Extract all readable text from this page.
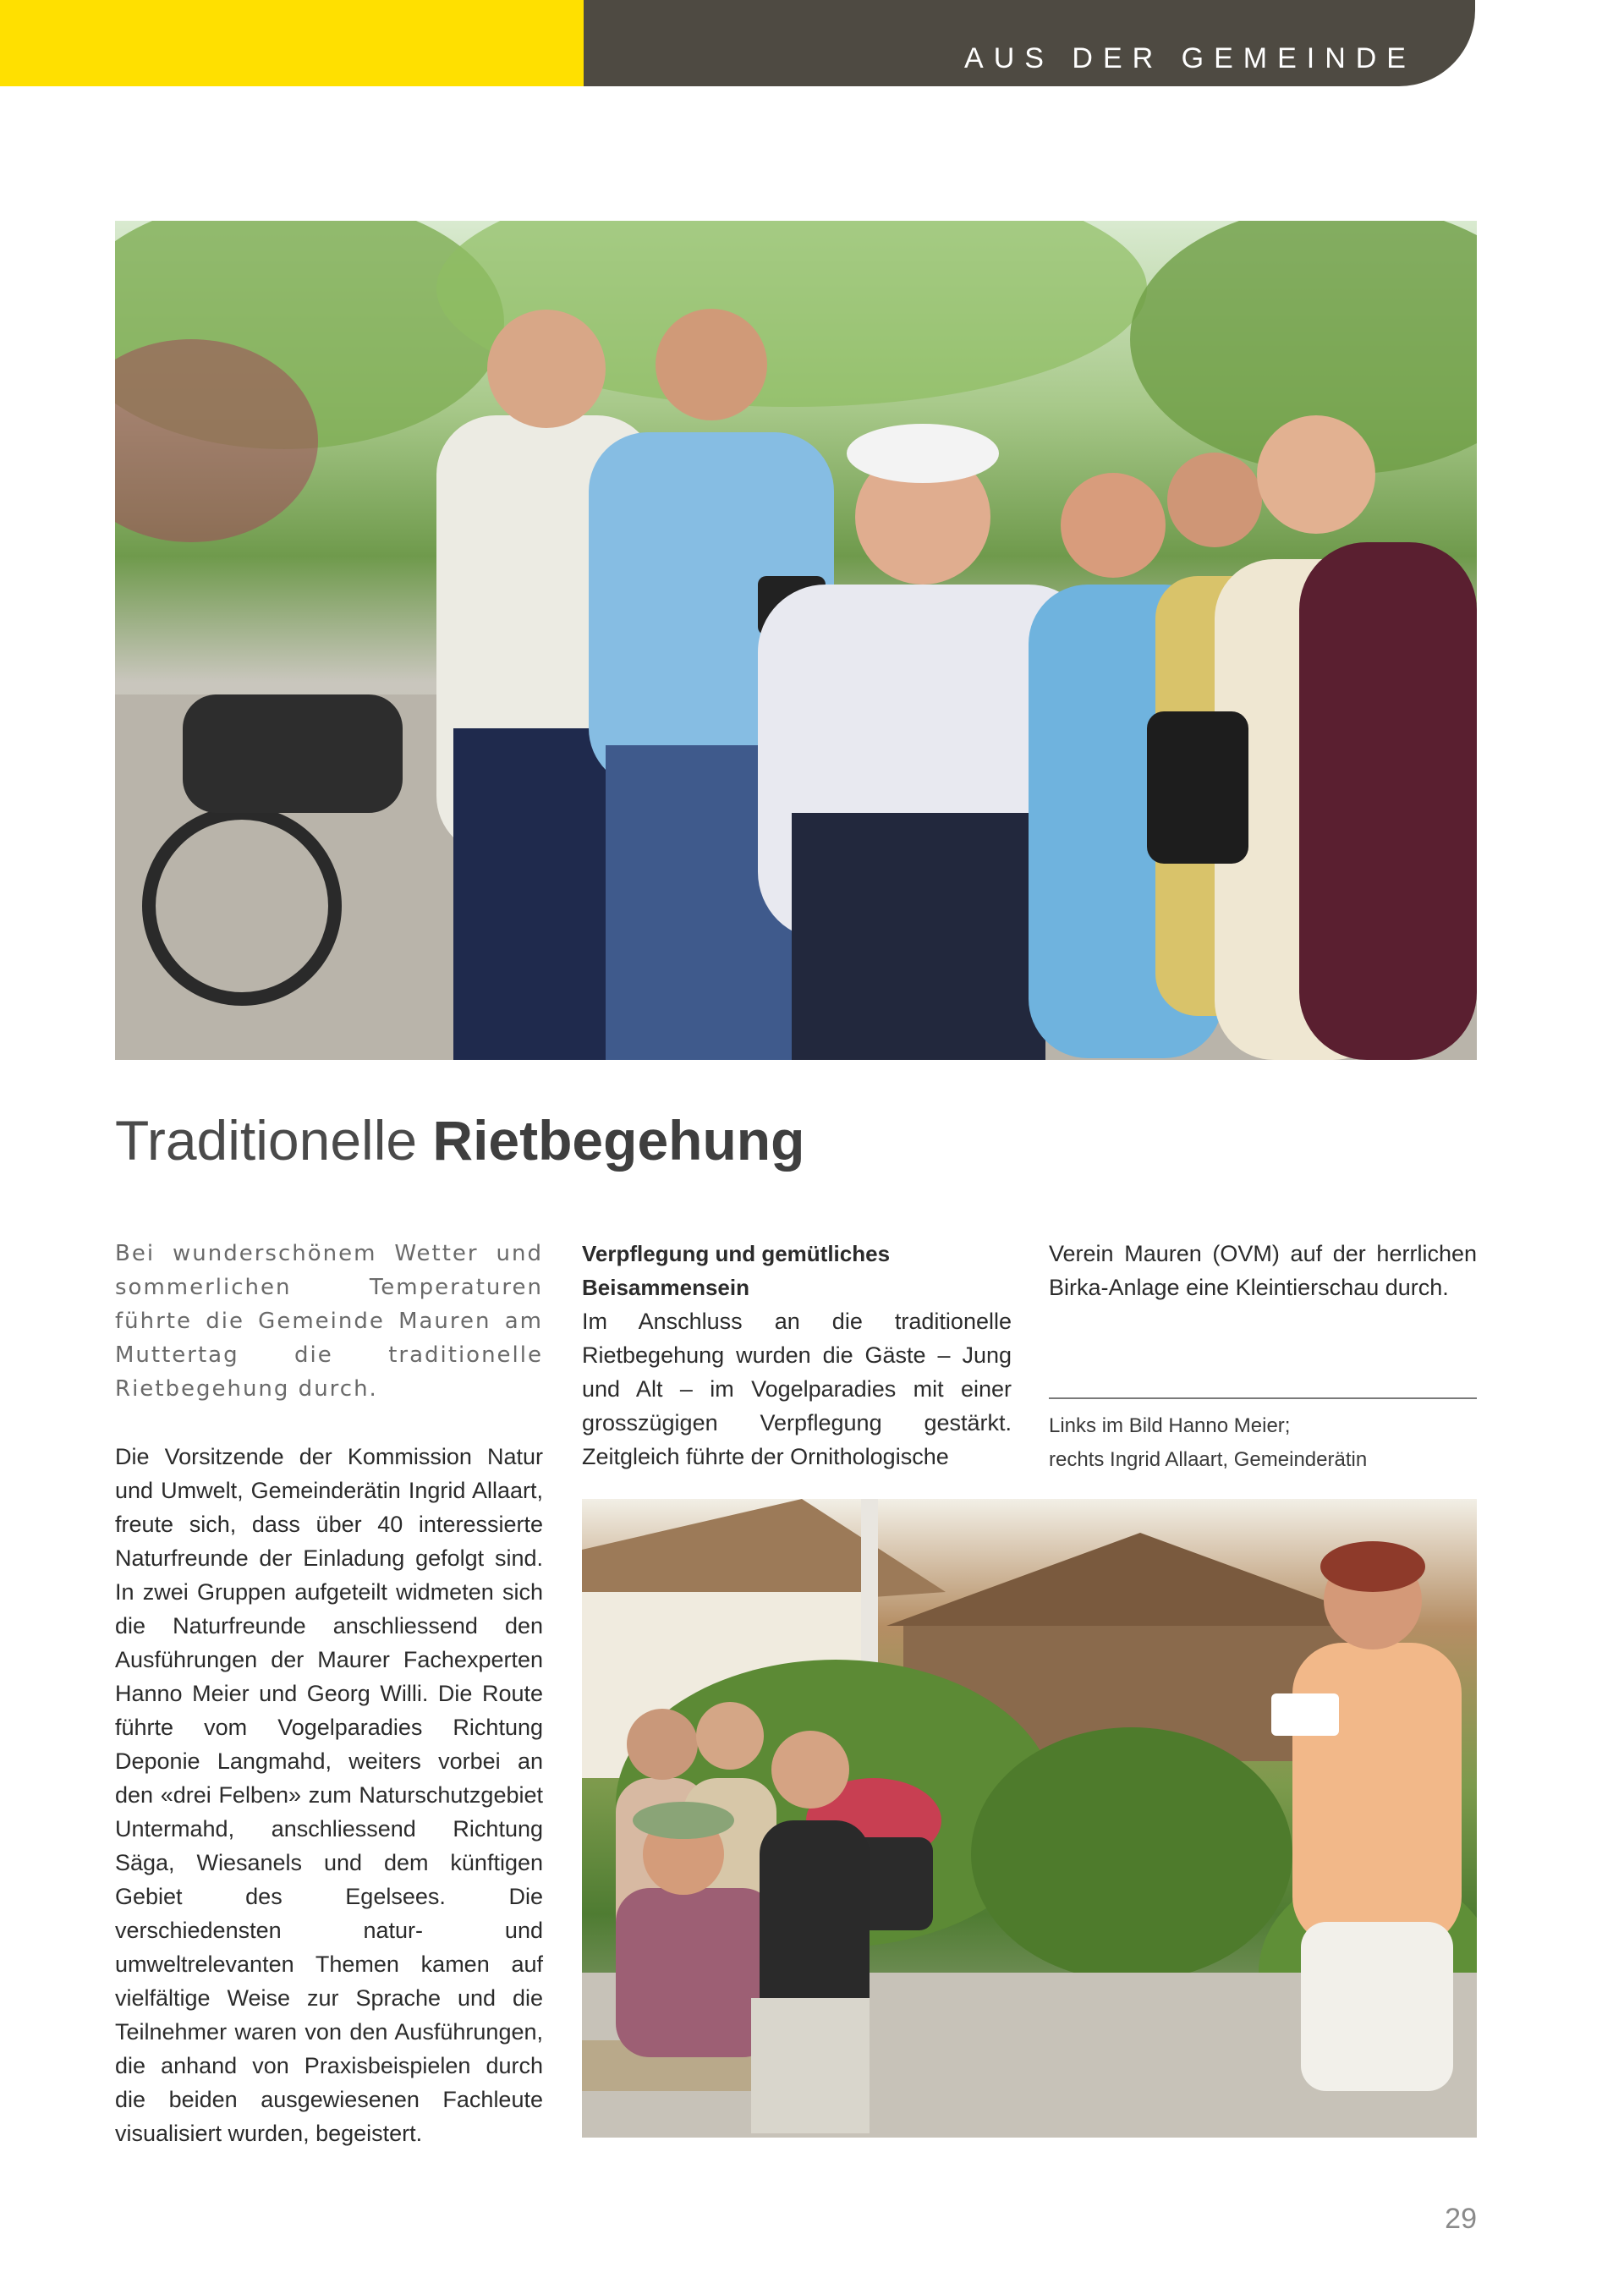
AUS DER GEMEINDE
Traditionelle Rietbegehung

Bei wunderschönem Wetter und sommerlichen Temperaturen führte die Gemeinde Mauren am Muttertag die traditionelle Rietbegehung durch.

Die Vorsitzende der Kommission Natur und Umwelt, Gemeinderätin Ingrid Allaart, freute sich, dass über 40 interessierte Naturfreunde der Einladung gefolgt sind. In zwei Gruppen aufgeteilt widmeten sich die Naturfreunde anschliessend den Ausführungen der Maurer Fachexperten Hanno Meier und Georg Willi. Die Route führte vom Vogelparadies Richtung Deponie Langmahd, weiters vorbei an den «drei Felben» zum Naturschutzgebiet Untermahd, anschliessend Richtung Säga, Wiesanels und dem künftigen Gebiet des Egelsees. Die verschiedensten natur- und umweltrelevanten Themen kamen auf vielfältige Weise zur Sprache und die Teilnehmer waren von den Ausführungen, die anhand von Praxisbeispielen durch die beiden ausgewiesenen Fachleute visualisiert wurden, begeistert.

Verpflegung und gemütliches Beisammensein

Im Anschluss an die traditionelle Rietbegehung wurden die Gäste – Jung und Alt – im Vogelparadies mit einer grosszügigen Verpflegung gestärkt. Zeitgleich führte der Ornithologische

Verein Mauren (OVM) auf der herrlichen Birka-Anlage eine Kleintierschau durch.

Links im Bild Hanno Meier;
rechts Ingrid Allaart, Gemeinderätin
29
